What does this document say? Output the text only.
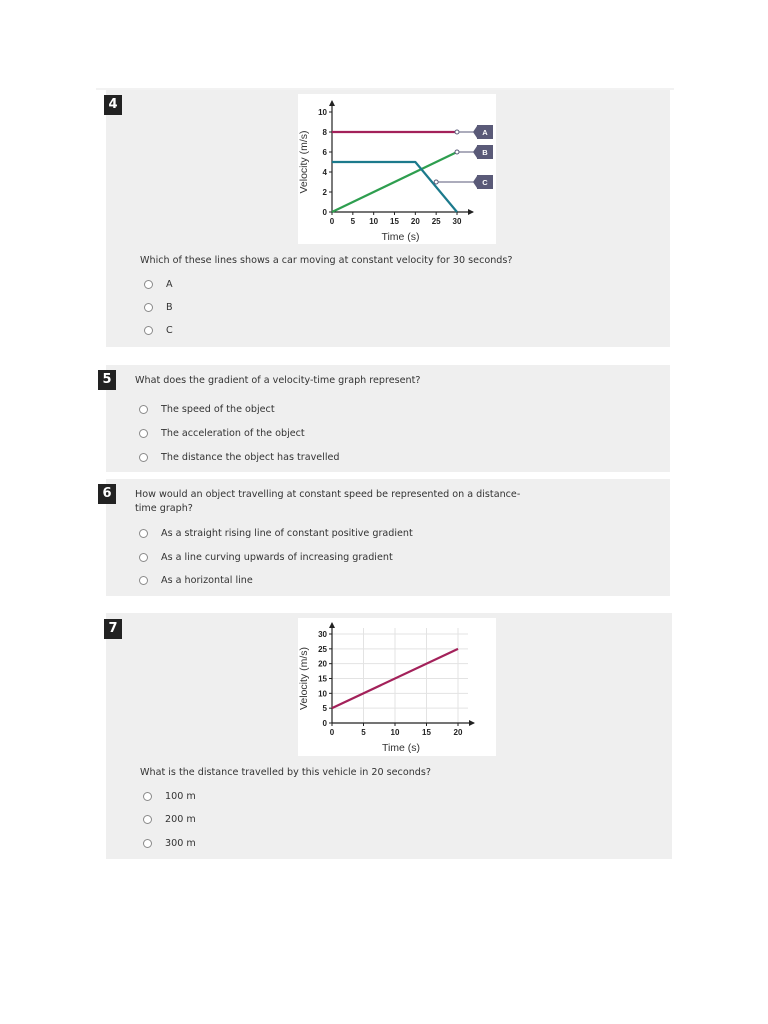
4
0 5 10 15 20 25 30
0
2
4
6
8
10
Time (s)
Velocity (m/s)	A
B
C
Which of these lines shows a car moving at constant velocity for 30 seconds?
A
B
C
5	What does the gradient of a velocity-time graph represent?
The speed of the object
The acceleration of the object
The distance the object has travelled
6	How would an object travelling at constant speed be represented on a distance-
time graph?
As a straight rising line of constant positive gradient
As a line curving upwards of increasing gradient
As a horizontal line
7
0	5	10	15	20
0
5
10
15
20
25
30
Time (s)
Velocity (m/s)
What is the distance travelled by this vehicle in 20 seconds?
100 m
200 m
300 m
